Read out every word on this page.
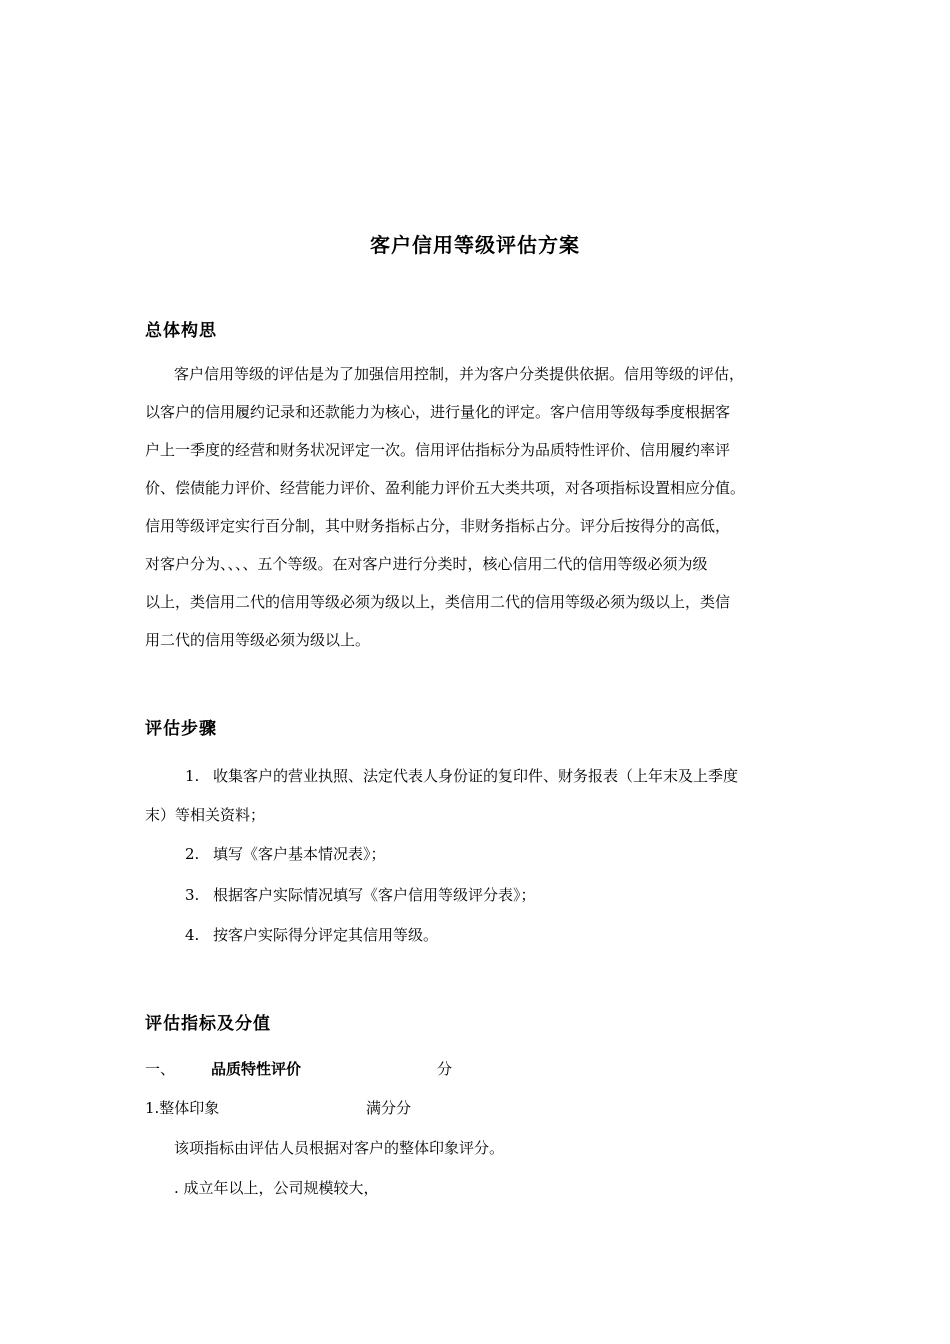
客户信用等级评估方案
总体构思
客户信用等级的评估是为了加强信用控制，并为客户分类提供依据。信用等级的评估，
以客户的信用履约记录和还款能力为核心，进行量化的评定。客户信用等级每季度根据客
户上一季度的经营和财务状况评定一次。信用评估指标分为品质特性评价、信用履约率评
价、偿债能力评价、经营能力评价、盈利能力评价五大类共项，对各项指标设置相应分值。
信用等级评定实行百分制，其中财务指标占分，非财务指标占分。评分后按得分的高低，
对客户分为、、、、五个等级。在对客户进行分类时，核心信用二代的信用等级必须为级
以上，类信用二代的信用等级必须为级以上，类信用二代的信用等级必须为级以上，类信
用二代的信用等级必须为级以上。
评估步骤
1. 收集客户的营业执照、法定代表人身份证的复印件、财务报表（上年末及上季度
末）等相关资料；
2. 填写《客户基本情况表》；
3. 根据客户实际情况填写《客户信用等级评分表》；
4. 按客户实际得分评定其信用等级。
评估指标及分值
一、 品质特性评价	分
1.整体印象	满分分
该项指标由评估人员根据对客户的整体印象评分。
. 成立年以上，公司规模较大，
